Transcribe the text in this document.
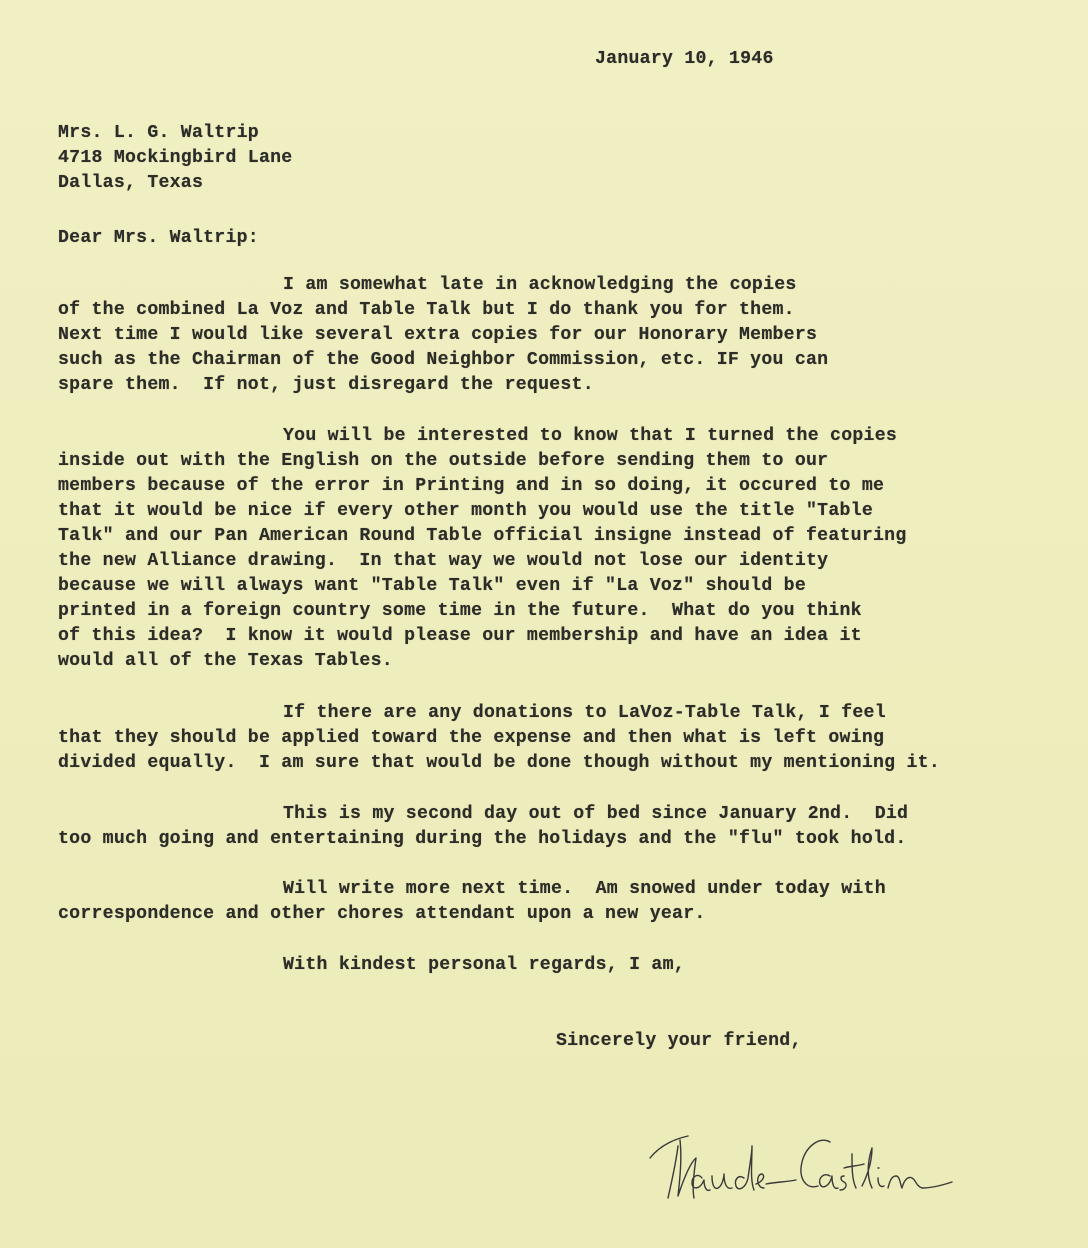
January 10, 1946
Mrs. L. G. Waltrip
4718 Mockingbird Lane
Dallas, Texas
Dear Mrs. Waltrip:
I am somewhat late in acknowledging the copies
of the combined La Voz and Table Talk but I do thank you for them.
Next time I would like several extra copies for our Honorary Members
such as the Chairman of the Good Neighbor Commission, etc. IF you can
spare them.  If not, just disregard the request.
You will be interested to know that I turned the copies
inside out with the English on the outside before sending them to our
members because of the error in Printing and in so doing, it occured to me
that it would be nice if every other month you would use the title "Table
Talk" and our Pan American Round Table official insigne instead of featuring
the new Alliance drawing.  In that way we would not lose our identity
because we will always want "Table Talk" even if "La Voz" should be
printed in a foreign country some time in the future.  What do you think
of this idea?  I know it would please our membership and have an idea it
would all of the Texas Tables.
If there are any donations to LaVoz-Table Talk, I feel
that they should be applied toward the expense and then what is left owing
divided equally.  I am sure that would be done though without my mentioning it.
This is my second day out of bed since January 2nd.  Did
too much going and entertaining during the holidays and the "flu" took hold.
Will write more next time.  Am snowed under today with
correspondence and other chores attendant upon a new year.
With kindest personal regards, I am,
Sincerely your friend,
